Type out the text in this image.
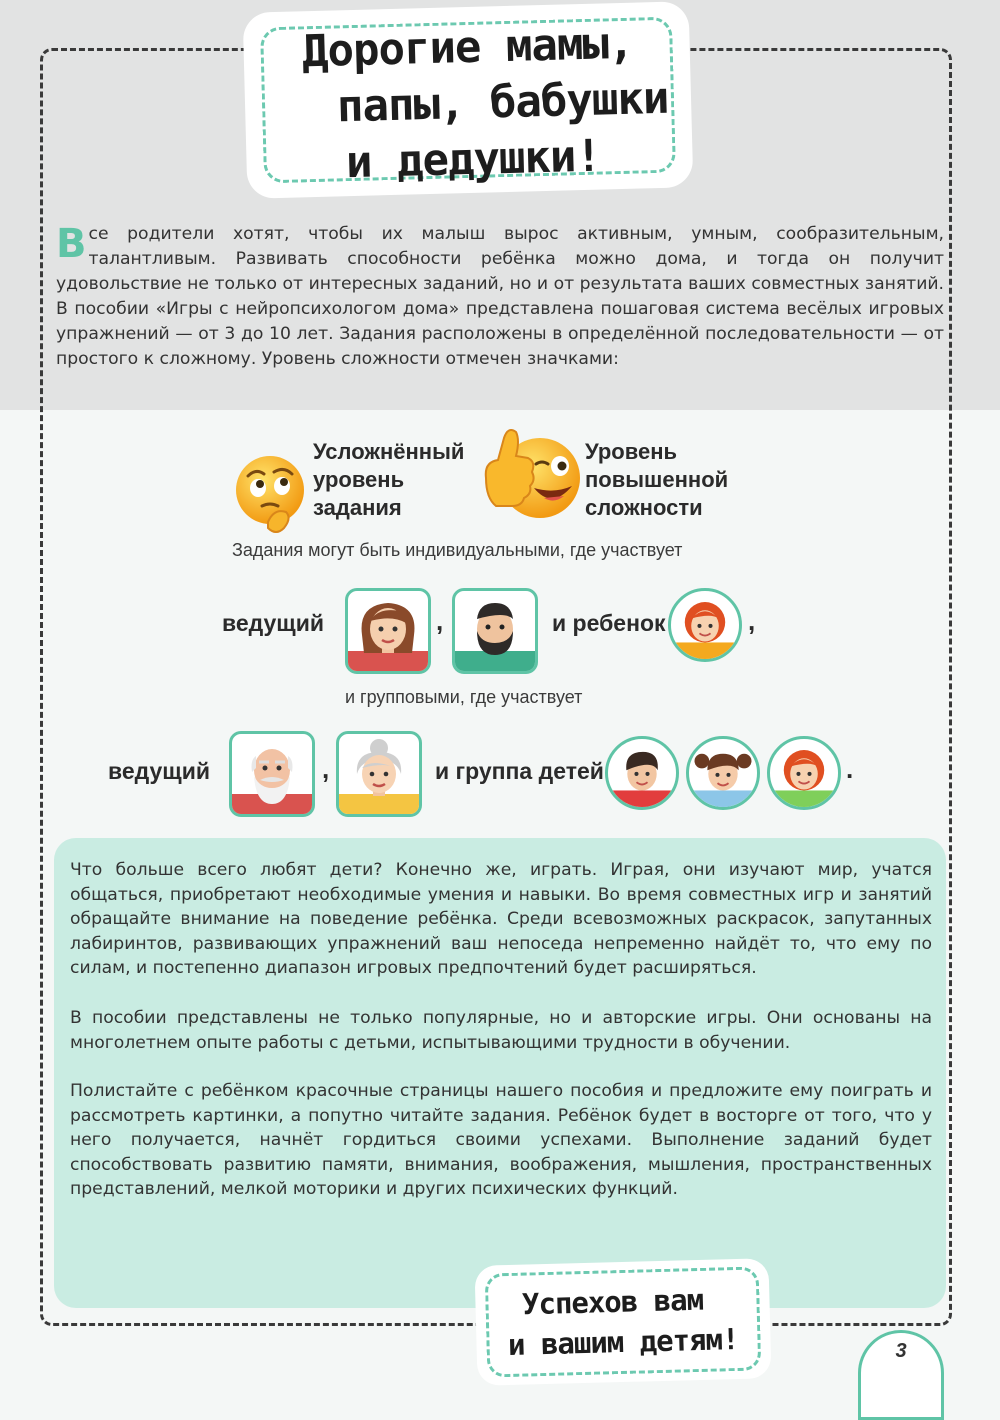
Дорогие мамы,
папы, бабушки
и дедушки!

Все родители хотят, чтобы их малыш вырос активным, умным, сообразительным, талантливым. Развивать способности ребёнка можно дома, и тогда он получит удовольствие не только от интересных заданий, но и от результата ваших совместных занятий. В пособии «Игры с нейропсихологом дома» представлена пошаговая система весёлых игровых упражнений — от 3 до 10 лет. Задания расположены в определённой последовательности — от простого к сложному. Уровень сложности отмечен значками:

Усложнённый
уровень
задания
Уровень
повышенной
сложности
Задания могут быть индивидуальными, где участвует
ведущий	,	и ребенок	,
и групповыми, где участвует
ведущий	,	и группа детей	.

Что больше всего любят дети? Конечно же, играть. Играя, они изучают мир, учатся общаться, приобретают необходимые умения и навыки. Во время совместных игр и занятий обращайте внимание на поведение ребёнка. Среди всевозможных раскрасок, запутанных лабиринтов, развивающих упражнений ваш непоседа непременно найдёт то, что ему по силам, и постепенно диапазон игровых предпочтений будет расширяться.

В пособии представлены не только популярные, но и авторские игры. Они основаны на многолетнем опыте работы с детьми, испытывающими трудности в обучении.

Полистайте с ребёнком красочные страницы нашего пособия и предложите ему поиграть и рассмотреть картинки, а попутно читайте задания. Ребёнок будет в восторге от того, что у него получается, начнёт гордиться своими успехами. Выполнение заданий будет способствовать развитию памяти, внимания, воображения, мышления, пространственных представлений, мелкой моторики и других психических функций.

Успехов вам
и вашим детям!	3
